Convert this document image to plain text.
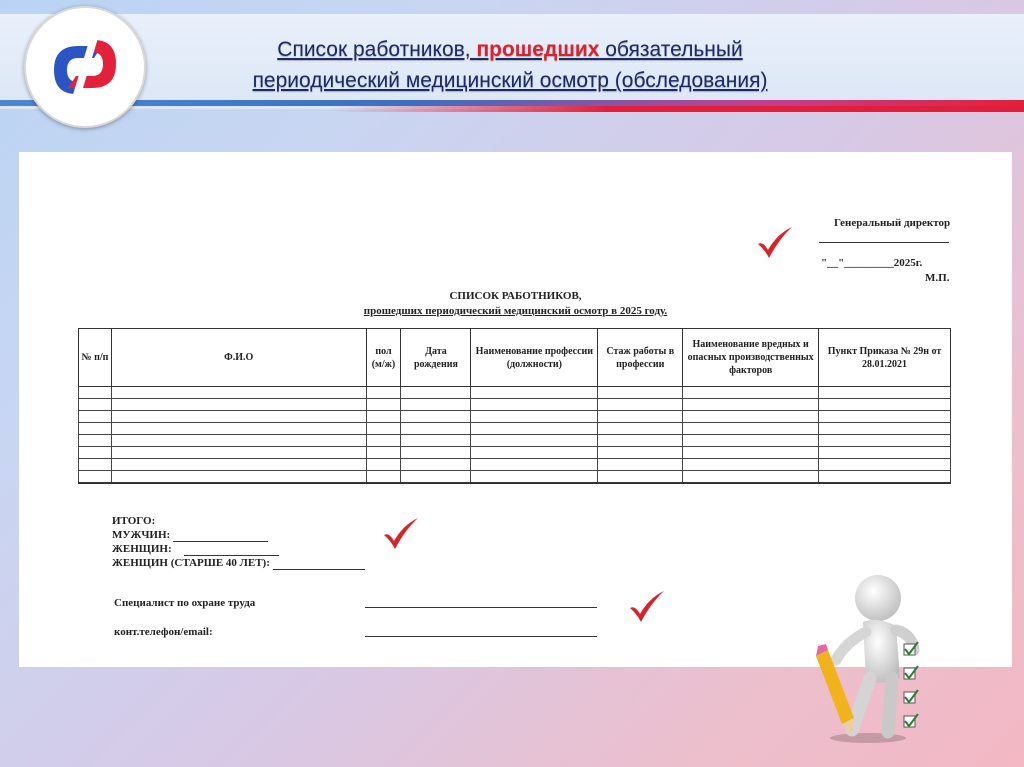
Список работников, прошедших обязательный
периодический медицинский осмотр (обследования)
Генеральный директор
"__"_________2025г.
М.П.
СПИСОК РАБОТНИКОВ,
прошедших периодический медицинский осмотр в 2025 году.
№ п/п	Ф.И.О	пол (м/ж)	Дата рождения	Наименование профессии (должности)	Стаж работы в профессии	Наименование вредных и опасных производственных факторов	Пункт Приказа № 29н от 28.01.2021

ИТОГО:
МУЖЧИН:
ЖЕНЩИН:
ЖЕНЩИН (СТАРШЕ 40 ЛЕТ):
Специалист по охране труда
конт.телефон/email:
